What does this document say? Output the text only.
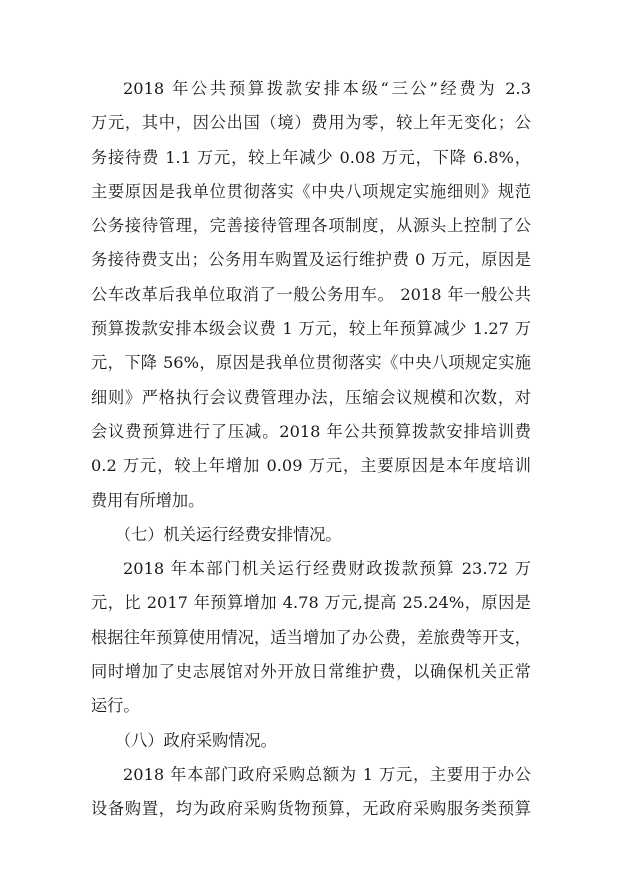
2018 年公共预算拨款安排本级“三公”经费为 2.3
万元，其中，因公出国（境）费用为零，较上年无变化；公
务接待费 1.1 万元，较上年减少 0.08 万元，下降 6.8%，
主要原因是我单位贯彻落实《中央八项规定实施细则》规范
公务接待管理，完善接待管理各项制度，从源头上控制了公
务接待费支出；公务用车购置及运行维护费 0 万元，原因是
公车改革后我单位取消了一般公务用车。 2018 年一般公共
预算拨款安排本级会议费 1 万元，较上年预算减少 1.27 万
元，下降 56%，原因是我单位贯彻落实《中央八项规定实施
细则》严格执行会议费管理办法，压缩会议规模和次数，对
会议费预算进行了压减。2018 年公共预算拨款安排培训费
0.2 万元，较上年增加 0.09 万元，主要原因是本年度培训
费用有所增加。
（七）机关运行经费安排情况。
2018 年本部门机关运行经费财政拨款预算 23.72 万
元，比 2017 年预算增加 4.78 万元,提高 25.24%，原因是
根据往年预算使用情况，适当增加了办公费，差旅费等开支，
同时增加了史志展馆对外开放日常维护费，以确保机关正常
运行。
（八）政府采购情况。
2018 年本部门政府采购总额为 1 万元，主要用于办公
设备购置，均为政府采购货物预算，无政府采购服务类预算
